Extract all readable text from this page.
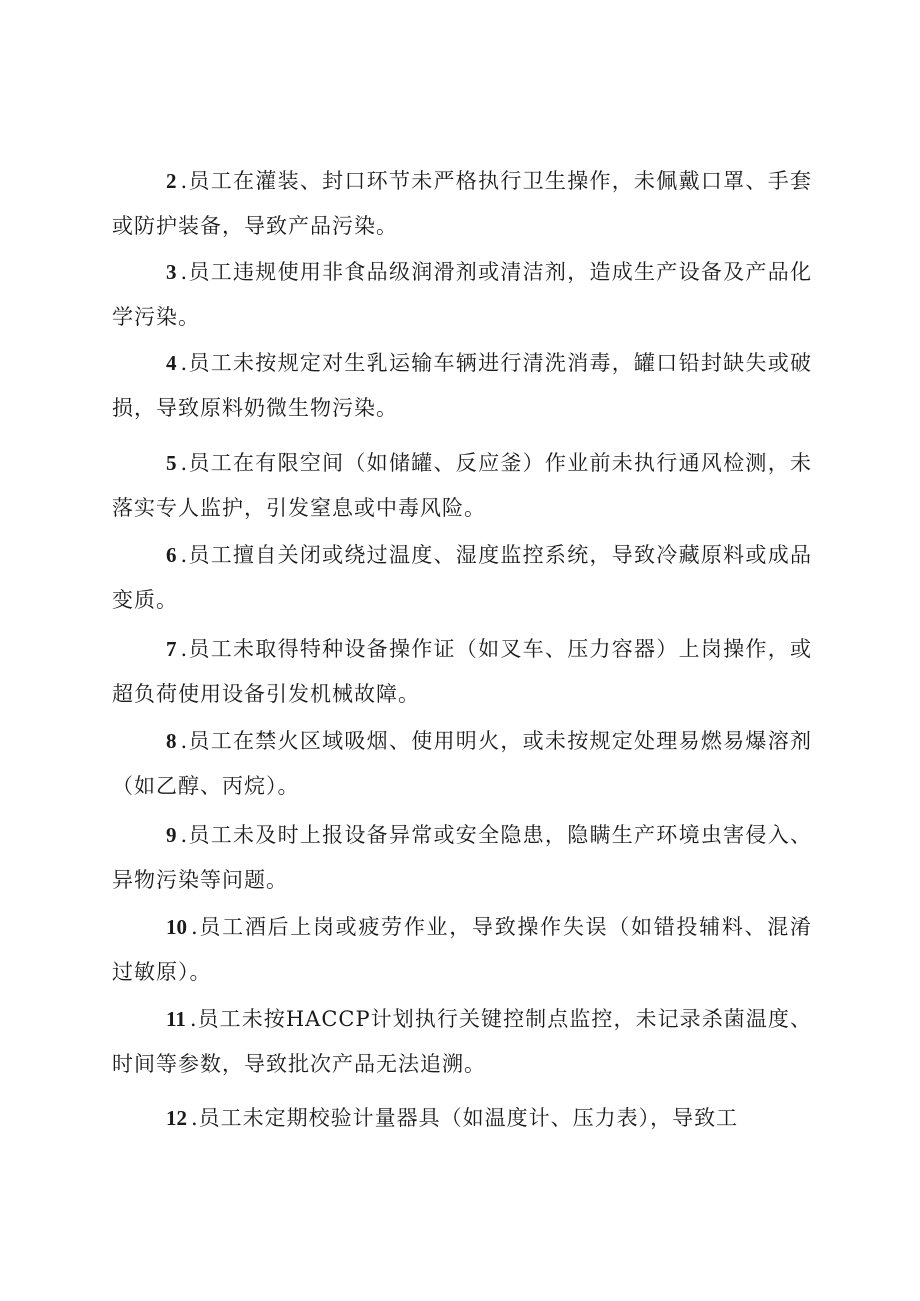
2 .员工在灌装、封口环节未严格执行卫生操作，未佩戴口罩、手套或防护装备，导致产品污染。

3 .员工违规使用非食品级润滑剂或清洁剂，造成生产设备及产品化学污染。

4 .员工未按规定对生乳运输车辆进行清洗消毒，罐口铅封缺失或破损，导致原料奶微生物污染。

5 .员工在有限空间（如储罐、反应釜）作业前未执行通风检测，未落实专人监护，引发窒息或中毒风险。

6 .员工擅自关闭或绕过温度、湿度监控系统，导致冷藏原料或成品变质。

7 .员工未取得特种设备操作证（如叉车、压力容器）上岗操作，或超负荷使用设备引发机械故障。

8 .员工在禁火区域吸烟、使用明火，或未按规定处理易燃易爆溶剂（如乙醇、丙烷）。

9 .员工未及时上报设备异常或安全隐患，隐瞒生产环境虫害侵入、异物污染等问题。

10 .员工酒后上岗或疲劳作业，导致操作失误（如错投辅料、混淆过敏原）。

11 .员工未按HACCP计划执行关键控制点监控，未记录杀菌温度、时间等参数，导致批次产品无法追溯。

12 .员工未定期校验计量器具（如温度计、压力表），导致工
